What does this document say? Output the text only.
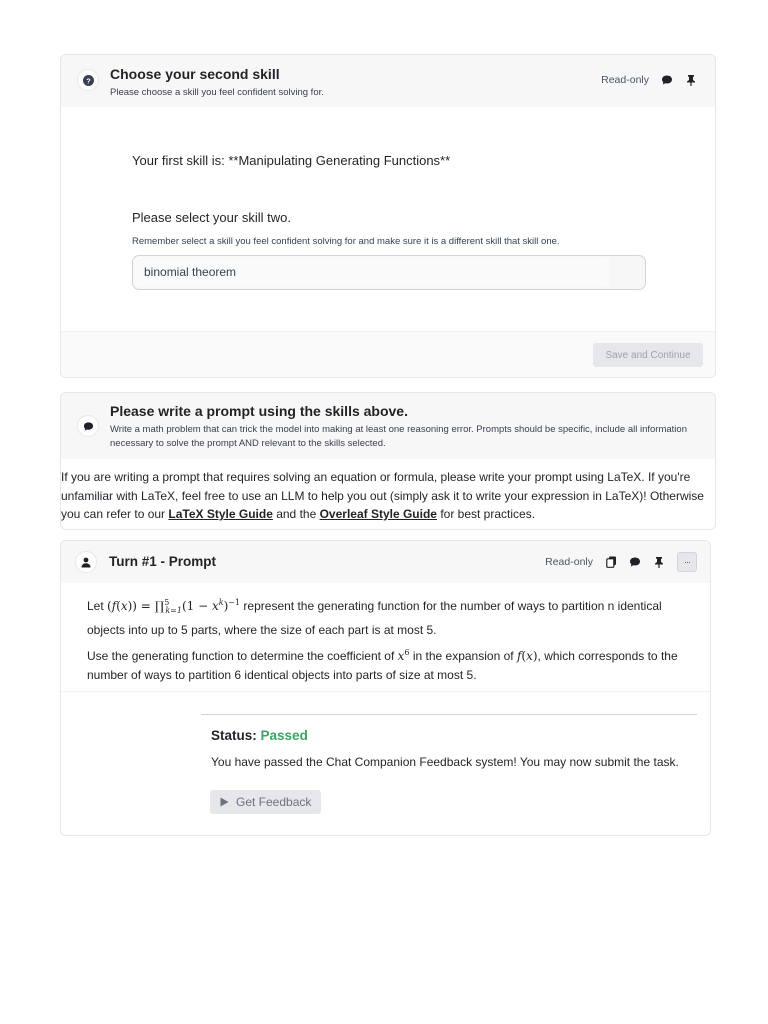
? Choose your second skill
Please choose a skill you feel confident solving for.
Read-only
Your first skill is: **Manipulating Generating Functions**
Please select your skill two.
Remember select a skill you feel confident solving for and make sure it is a different skill that skill one.
binomial theorem
Save and Continue
Please write a prompt using the skills above.
Write a math problem that can trick the model into making at least one reasoning error. Prompts should be specific, include all information necessary to solve the prompt AND relevant to the skills selected.
If you are writing a prompt that requires solving an equation or formula, please write your prompt using LaTeX. If you're unfamiliar with LaTeX, feel free to use an LLM to help you out (simply ask it to write your expression in LaTeX)! Otherwise you can refer to our LaTeX Style Guide and the Overleaf Style Guide for best practices.
Turn #1 - Prompt	Read-only	···
Let (f(x)) = ∏$^5_{k=1}$(1 − $x^k)^{-1}$ represent the generating function for the number of ways to partition n identical objects into up to 5 parts, where the size of each part is at most 5.
Use the generating function to determine the coefficient of $x^6$ in the expansion of f(x), which corresponds to the number of ways to partition 6 identical objects into parts of size at most 5.
Status: Passed
You have passed the Chat Companion Feedback system! You may now submit the task.
Get Feedback
